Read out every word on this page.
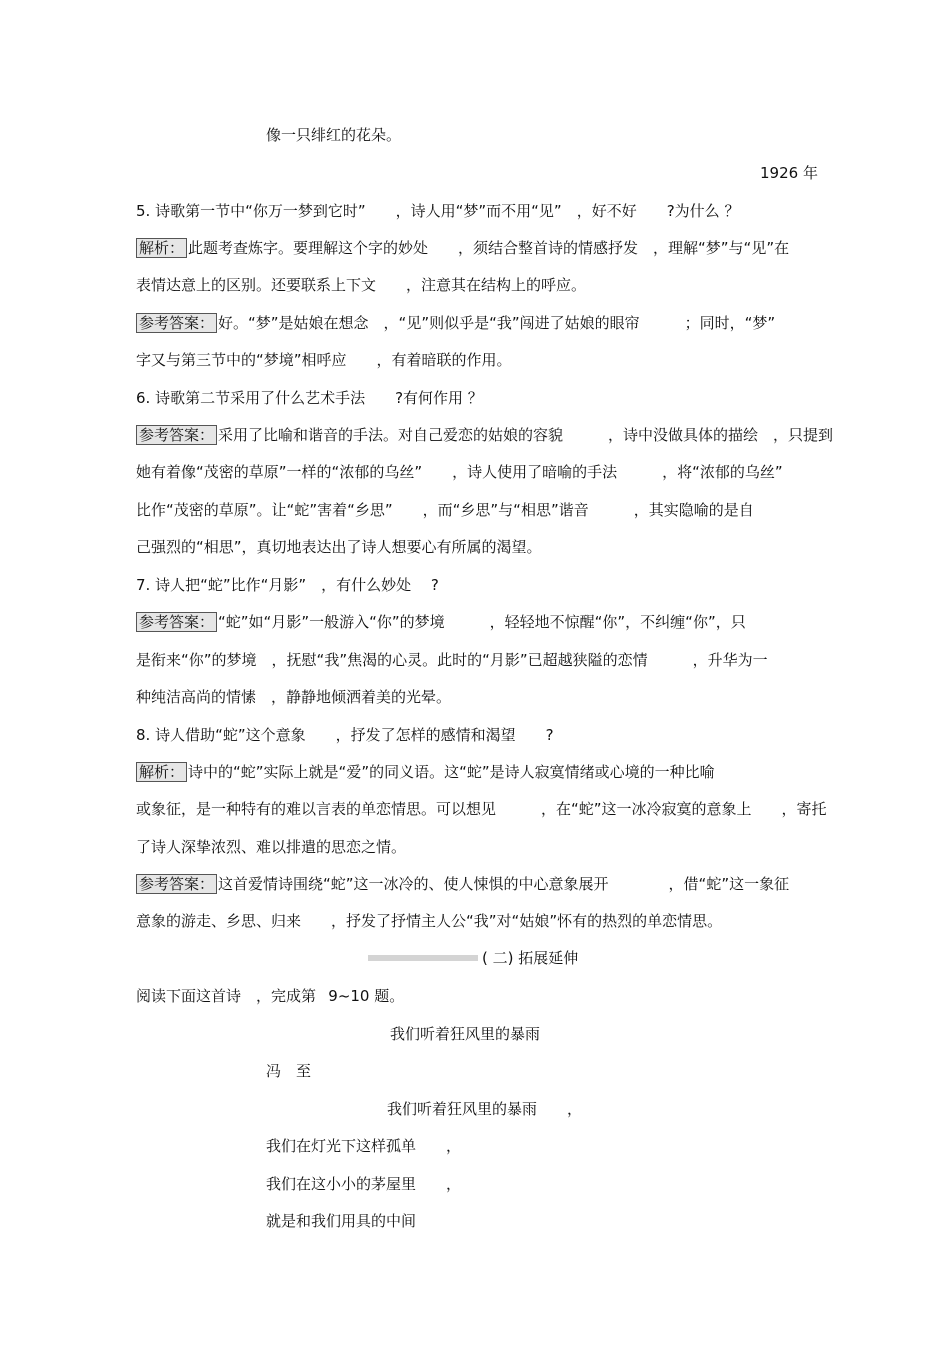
像一只绯红的花朵。
1926 年
5. 诗歌第一节中“你万一梦到它时”　　，诗人用“梦”而不用“见”　，好不好　　?为什么 ？
解析： 此题考查炼字。要理解这个字的妙处　　，须结合整首诗的情感抒发　，理解“梦”与“见”在
表情达意上的区别。还要联系上下文　　，注意其在结构上的呼应。
参考答案： 好。“梦”是姑娘在想念　，“见”则似乎是“我”闯进了姑娘的眼帘　　　；同时，“梦”
字又与第三节中的“梦境”相呼应　　，有着暗联的作用。
6. 诗歌第二节采用了什么艺术手法　　?有何作用 ？
参考答案： 采用了比喻和谐音的手法。对自己爱恋的姑娘的容貌　　　，诗中没做具体的描绘　，只提到
她有着像“茂密的草原”一样的“浓郁的乌丝”　　，诗人使用了暗喻的手法　　　，将“浓郁的乌丝”
比作“茂密的草原”。让“蛇”害着“乡思”　　，而“乡思”与“相思”谐音　　　，其实隐喻的是自
己强烈的“相思”，真切地表达出了诗人想要心有所属的渴望。
7. 诗人把“蛇”比作“月影”　，有什么妙处　 ?
参考答案： “蛇”如“月影”一般游入“你”的梦境　　　，轻轻地不惊醒“你”，不纠缠“你”，只
是衔来“你”的梦境　，抚慰“我”焦渴的心灵。此时的“月影”已超越狭隘的恋情　　　，升华为一
种纯洁高尚的情愫　，静静地倾洒着美的光晕。
8. 诗人借助“蛇”这个意象　　，抒发了怎样的感情和渴望　　?
解析： 诗中的“蛇”实际上就是“爱”的同义语。这“蛇”是诗人寂寞情绪或心境的一种比喻
或象征，是一种特有的难以言表的单恋情思。可以想见　　　，在“蛇”这一冰冷寂寞的意象上　　，寄托
了诗人深挚浓烈、难以排遣的思恋之情。
参考答案： 这首爱情诗围绕“蛇”这一冰冷的、使人悚惧的中心意象展开　　　　，借“蛇”这一象征
意象的游走、乡思、归来　　，抒发了抒情主人公“我”对“姑娘”怀有的热烈的单恋情思。
( 二) 拓展延伸
阅读下面这首诗　，完成第  9~10 题。
我们听着狂风里的暴雨
冯　至
我们听着狂风里的暴雨　　，
我们在灯光下这样孤单　　，
我们在这小小的茅屋里　　，
就是和我们用具的中间
